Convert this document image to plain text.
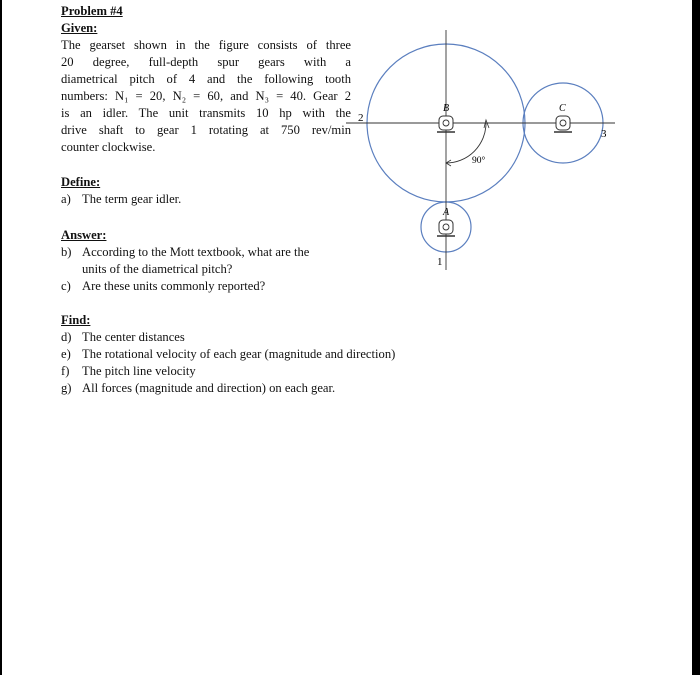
Problem #4
Given:
The gearset shown in the figure consists of three
20 degree, full-depth spur gears with a
diametrical pitch of 4 and the following tooth
numbers: N₁ = 20, N₂ = 60, and N₃ = 40. Gear 2
is an idler. The unit transmits 10 hp with the
drive shaft to gear 1 rotating at 750 rev/min
counter clockwise.
Define:
a) The term gear idler.
Answer:
b) According to the Mott textbook, what are the units of the diametrical pitch?
c) Are these units commonly reported?
Find:
d) The center distances
e) The rotational velocity of each gear (magnitude and direction)
f)	The pitch line velocity
g) All forces (magnitude and direction) on each gear.
2
3
1
B	C
A
90°
